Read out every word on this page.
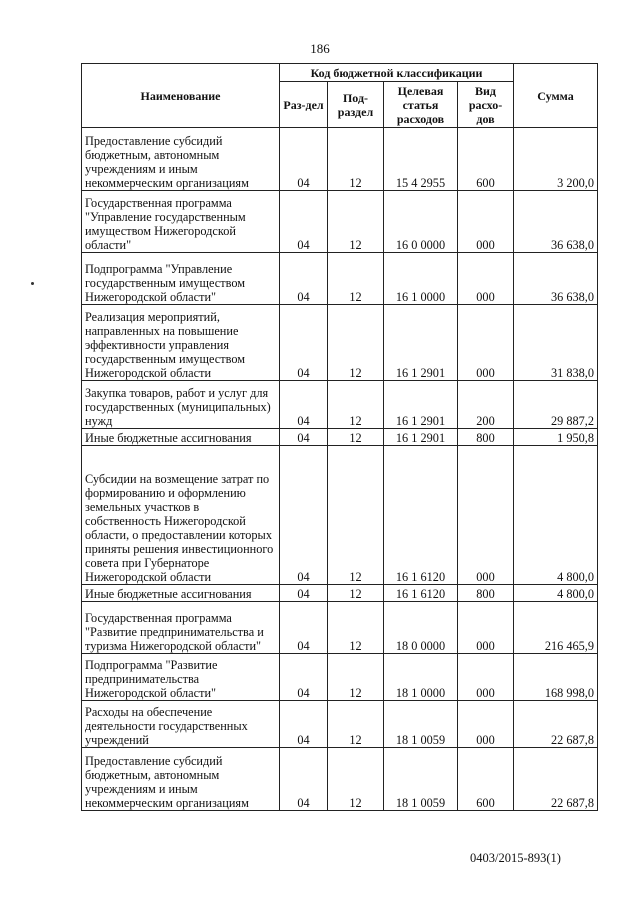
186
Наименование	Код бюджетной классификации				Сумма
	Раз-дел	Под-раздел	Целевая статья расходов	Вид расхо-дов	
Предоставление субсидий бюджетным, автономным учреждениям и иным некоммерческим организациям	04	12	15 4 2955	600	3 200,0
Государственная программа "Управление государственным имуществом Нижегородской области"	04	12	16 0 0000	000	36 638,0
Подпрограмма "Управление государственным имуществом Нижегородской области"	04	12	16 1 0000	000	36 638,0
Реализация мероприятий, направленных на повышение эффективности управления государственным имуществом Нижегородской области	04	12	16 1 2901	000	31 838,0
Закупка товаров, работ и услуг для государственных (муниципальных) нужд	04	12	16 1 2901	200	29 887,2
Иные бюджетные ассигнования	04	12	16 1 2901	800	1 950,8
Субсидии на возмещение затрат по формированию и оформлению земельных участков в собственность Нижегородской области, о предоставлении которых приняты решения инвестиционного совета при Губернаторе Нижегородской области	04	12	16 1 6120	000	4 800,0
Иные бюджетные ассигнования	04	12	16 1 6120	800	4 800,0
Государственная программа "Развитие предпринимательства и туризма Нижегородской области"	04	12	18 0 0000	000	216 465,9
Подпрограмма "Развитие предпринимательства Нижегородской области"	04	12	18 1 0000	000	168 998,0
Расходы на обеспечение деятельности государственных учреждений	04	12	18 1 0059	000	22 687,8
Предоставление субсидий бюджетным, автономным учреждениям и иным некоммерческим организациям	04	12	18 1 0059	600	22 687,8
0403/2015-893(1)
